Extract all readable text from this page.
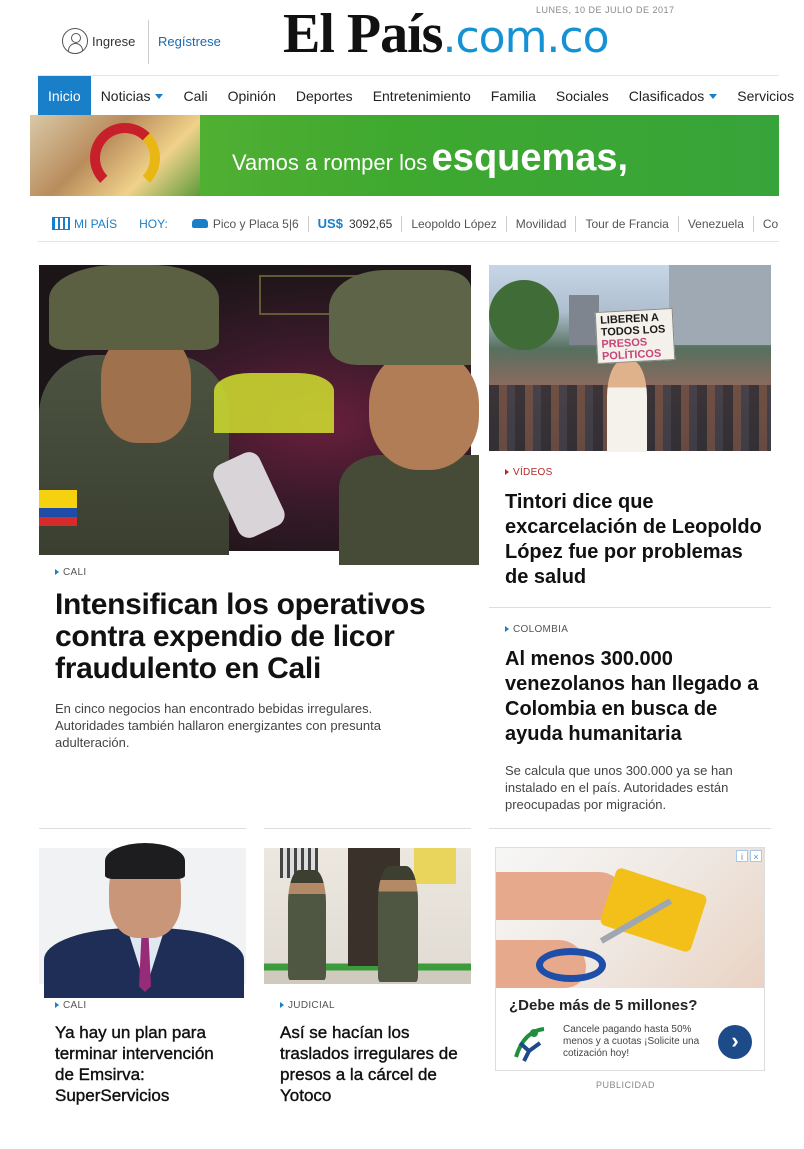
Ingrese Regístrese El País.com.co
LUNES, 10 DE JULIO DE 2017
Inicio	Noticias	Cali	Opinión	Deportes	Entretenimiento	Familia	Sociales	Clasificados	Servicios
Vamos a romper los esquemas,
MI PAÍS HOY:	Pico y Placa 5|6 US$ 3092,65 Leopoldo López Movilidad Tour de Francia Venezuela Co
CALI
Intensifican los operativos contra expendio de licor fraudulento en Cali
En cinco negocios han encontrado bebidas irregulares. Autoridades también hallaron energizantes con presunta adulteración.
LIBEREN A
TODOS LOS
PRESOS
POLÍTICOS
VÍDEOS
Tintori dice que excarcelación de Leopoldo López fue por problemas de salud
COLOMBIA
Al menos 300.000 venezolanos han llegado a Colombia en busca de ayuda humanitaria
Se calcula que unos 300.000 ya se han instalado en el país. Autoridades están preocupadas por migración.
CALI
Ya hay un plan para terminar intervención de Emsirva: SuperServicios
JUDICIAL
Así se hacían los traslados irregulares de presos a la cárcel de Yotoco
i	×
¿Debe más de 5 millones?
Cancele pagando hasta 50% menos y a cuotas ¡Solicite una cotización hoy!
›
PUBLICIDAD
